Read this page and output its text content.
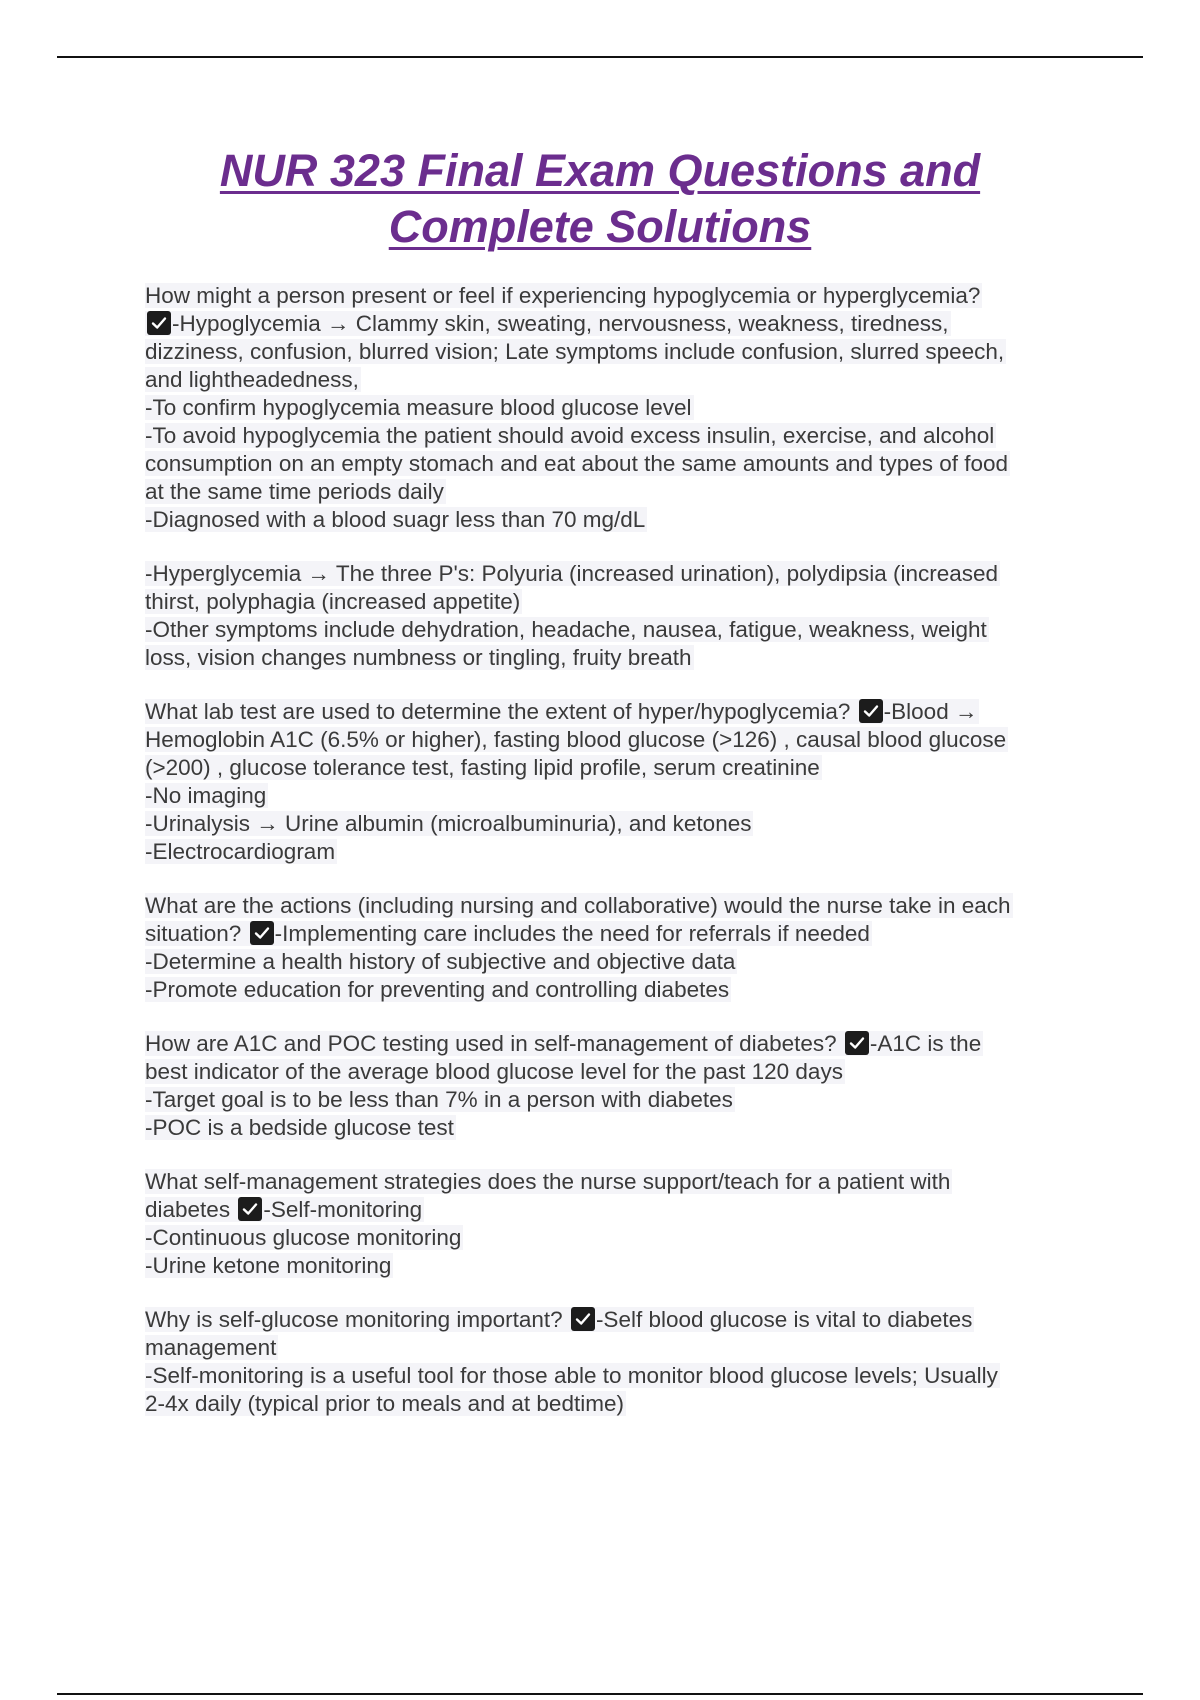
NUR 323 Final Exam Questions and
Complete Solutions
How might a person present or feel if experiencing hypoglycemia or hyperglycemia?
-Hypoglycemia → Clammy skin, sweating, nervousness, weakness, tiredness,
dizziness, confusion, blurred vision; Late symptoms include confusion, slurred speech,
and lightheadedness,
-To confirm hypoglycemia measure blood glucose level
-To avoid hypoglycemia the patient should avoid excess insulin, exercise, and alcohol
consumption on an empty stomach and eat about the same amounts and types of food
at the same time periods daily
-Diagnosed with a blood suagr less than 70 mg/dL
-Hyperglycemia → The three P's: Polyuria (increased urination), polydipsia (increased
thirst, polyphagia (increased appetite)
-Other symptoms include dehydration, headache, nausea, fatigue, weakness, weight
loss, vision changes numbness or tingling, fruity breath
What lab test are used to determine the extent of hyper/hypoglycemia? -Blood →
Hemoglobin A1C (6.5% or higher), fasting blood glucose (>126) , causal blood glucose
(>200) , glucose tolerance test, fasting lipid profile, serum creatinine
-No imaging
-Urinalysis → Urine albumin (microalbuminuria), and ketones
-Electrocardiogram
What are the actions (including nursing and collaborative) would the nurse take in each
situation? -Implementing care includes the need for referrals if needed
-Determine a health history of subjective and objective data
-Promote education for preventing and controlling diabetes
How are A1C and POC testing used in self-management of diabetes? -A1C is the
best indicator of the average blood glucose level for the past 120 days
-Target goal is to be less than 7% in a person with diabetes
-POC is a bedside glucose test
What self-management strategies does the nurse support/teach for a patient with
diabetes -Self-monitoring
-Continuous glucose monitoring
-Urine ketone monitoring
Why is self-glucose monitoring important? -Self blood glucose is vital to diabetes
management
-Self-monitoring is a useful tool for those able to monitor blood glucose levels; Usually
2-4x daily (typical prior to meals and at bedtime)
